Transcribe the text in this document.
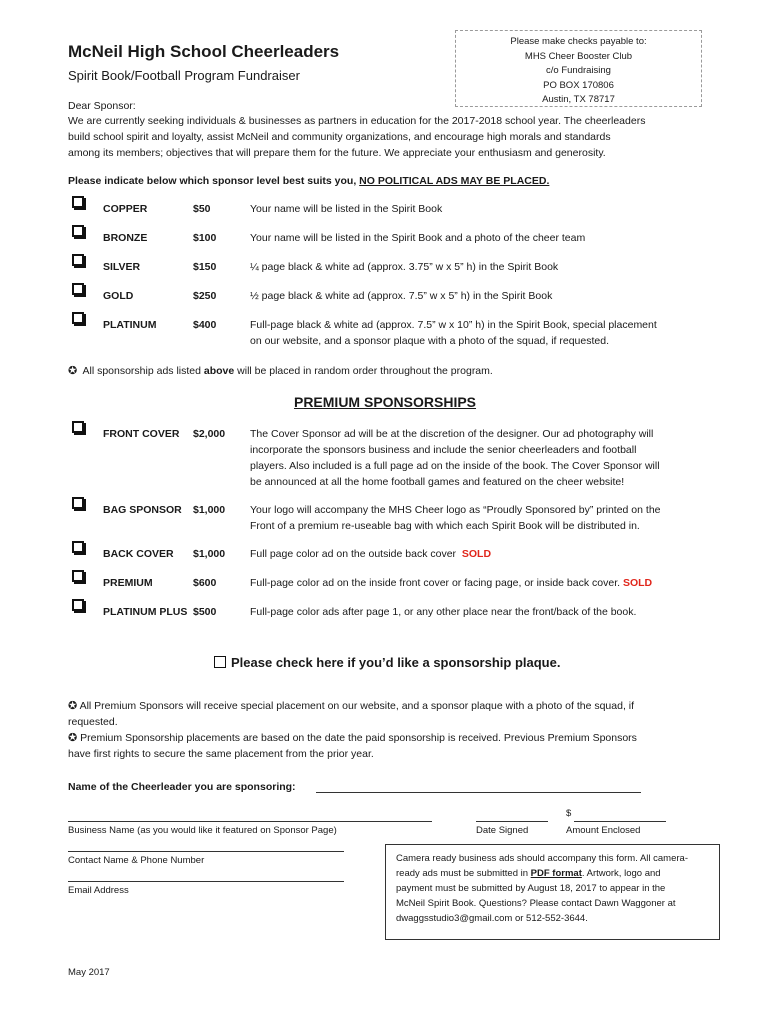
Please make checks payable to:
MHS Cheer Booster Club
c/o Fundraising
PO BOX 170806
Austin, TX 78717
McNeil High School Cheerleaders
Spirit Book/Football Program Fundraiser
Dear Sponsor:
We are currently seeking individuals & businesses as partners in education for the 2017-2018 school year. The cheerleaders
build school spirit and loyalty, assist McNeil and community organizations, and encourage high morals and standards
among its members; objectives that will prepare them for the future. We appreciate your enthusiasm and generosity.
Please indicate below which sponsor level best suits you, NO POLITICAL ADS MAY BE PLACED.
COPPER	$50	Your name will be listed in the Spirit Book
BRONZE	$100	Your name will be listed in the Spirit Book and a photo of the cheer team
SILVER	$150	¼ page black & white ad (approx. 3.75” w x 5” h) in the Spirit Book
GOLD	$250	½ page black & white ad (approx. 7.5” w x 5” h) in the Spirit Book
PLATINUM	$400	Full-page black & white ad (approx. 7.5” w x 10” h) in the Spirit Book, special placement
on our website, and a sponsor plaque with a photo of the squad, if requested.
✪ All sponsorship ads listed above will be placed in random order throughout the program.
PREMIUM SPONSORSHIPS
FRONT COVER $2,000 The Cover Sponsor ad will be at the discretion of the designer. Our ad photography will
incorporate the sponsors business and include the senior cheerleaders and football
players. Also included is a full page ad on the inside of the book. The Cover Sponsor will
be announced at all the home football games and featured on the cheer website!
BAG SPONSOR $1,000 Your logo will accompany the MHS Cheer logo as “Proudly Sponsored by” printed on the
Front of a premium re-useable bag with which each Spirit Book will be distributed in.
BACK COVER $1,000 Full page color ad on the outside back cover SOLD
PREMIUM	$600	Full-page color ad on the inside front cover or facing page, or inside back cover. SOLD
PLATINUM PLUS $500	Full-page color ads after page 1, or any other place near the front/back of the book.
Please check here if you’d like a sponsorship plaque.
✪ All Premium Sponsors will receive special placement on our website, and a sponsor plaque with a photo of the squad, if
requested.
✪ Premium Sponsorship placements are based on the date the paid sponsorship is received. Previous Premium Sponsors
have first rights to secure the same placement from the prior year.
Name of the Cheerleader you are sponsoring:
Business Name (as you would like it featured on Sponsor Page)	Date Signed
$
Amount Enclosed
Contact Name & Phone Number
Email Address
Camera ready business ads should accompany this form. All camera-
ready ads must be submitted in PDF format. Artwork, logo and
payment must be submitted by August 18, 2017 to appear in the
McNeil Spirit Book. Questions? Please contact Dawn Waggoner at
dwaggsstudio3@gmail.com or 512-552-3644.
May 2017
